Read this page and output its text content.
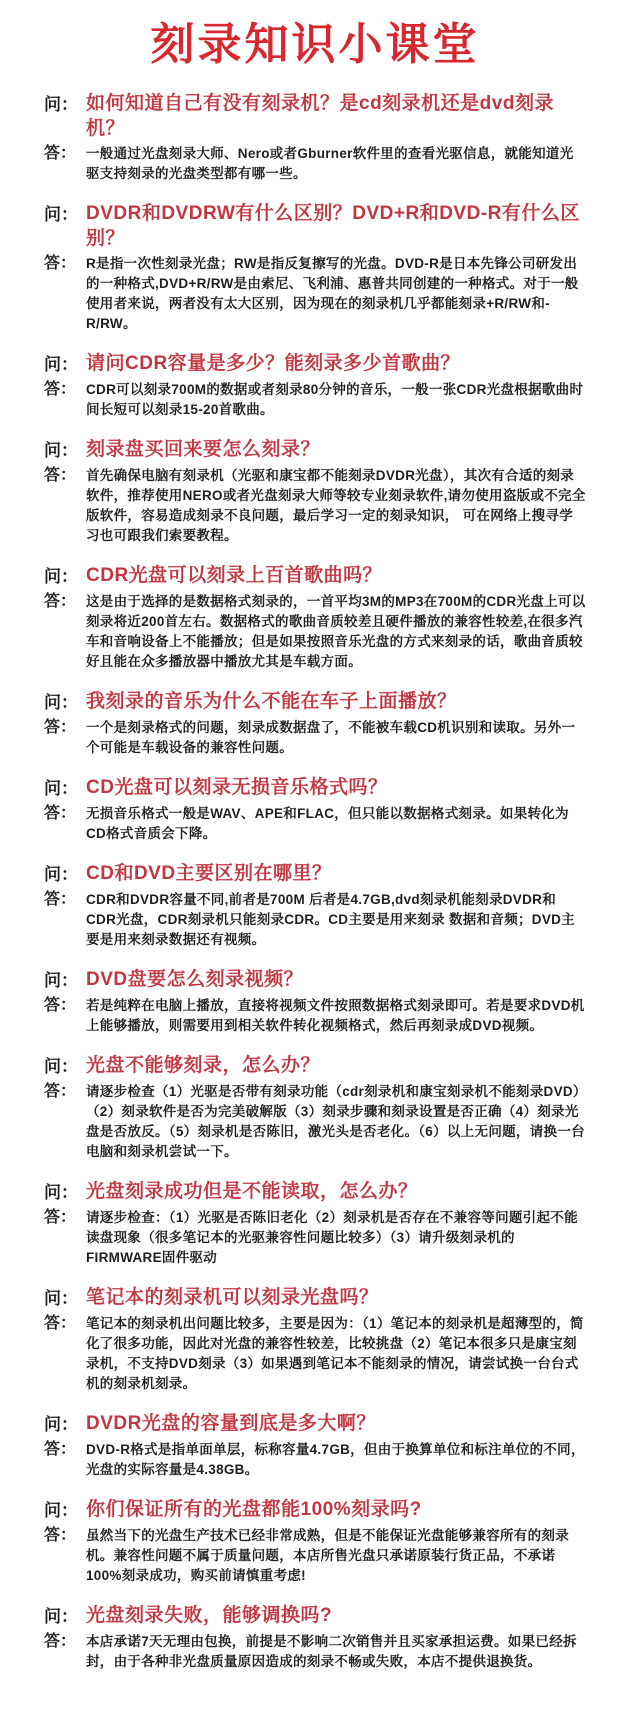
刻录知识小课堂
问： 如何知道自己有没有刻录机？是cd刻录机还是dvd刻录机？
答： 一般通过光盘刻录大师、Nero或者Gburner软件里的查看光驱信息，就能知道光驱支持刻录的光盘类型都有哪一些。

问： DVDR和DVDRW有什么区别？DVD+R和DVD-R有什么区别？
答： R是指一次性刻录光盘；RW是指反复擦写的光盘。DVD-R是日本先锋公司研发出的一种格式,DVD+R/RW是由索尼、飞利浦、惠普共同创建的一种格式。对于一般使用者来说，两者没有太大区别，因为现在的刻录机几乎都能刻录+R/RW和-R/RW。

问： 请问CDR容量是多少？能刻录多少首歌曲？
答： CDR可以刻录700M的数据或者刻录80分钟的音乐，一般一张CDR光盘根据歌曲时间长短可以刻录15-20首歌曲。

问： 刻录盘买回来要怎么刻录？
答： 首先确保电脑有刻录机（光驱和康宝都不能刻录DVDR光盘），其次有合适的刻录软件，推荐使用NERO或者光盘刻录大师等较专业刻录软件,请勿使用盗版或不完全版软件，容易造成刻录不良问题，最后学习一定的刻录知识， 可在网络上搜寻学习也可跟我们索要教程。

问： CDR光盘可以刻录上百首歌曲吗？
答： 这是由于选择的是数据格式刻录的，一首平均3M的MP3在700M的CDR光盘上可以刻录将近200首左右。数据格式的歌曲音质较差且硬件播放的兼容性较差,在很多汽车和音响设备上不能播放；但是如果按照音乐光盘的方式来刻录的话，歌曲音质较好且能在众多播放器中播放尤其是车载方面。

问： 我刻录的音乐为什么不能在车子上面播放？
答： 一个是刻录格式的问题，刻录成数据盘了，不能被车载CD机识别和读取。另外一个可能是车载设备的兼容性问题。

问： CD光盘可以刻录无损音乐格式吗？
答： 无损音乐格式一般是WAV、APE和FLAC，但只能以数据格式刻录。如果转化为CD格式音质会下降。

问： CD和DVD主要区别在哪里？
答： CDR和DVDR容量不同,前者是700M 后者是4.7GB,dvd刻录机能刻录DVDR和CDR光盘，CDR刻录机只能刻录CDR。CD主要是用来刻录 数据和音频；DVD主要是用来刻录数据还有视频。

问： DVD盘要怎么刻录视频？
答： 若是纯粹在电脑上播放，直接将视频文件按照数据格式刻录即可。若是要求DVD机上能够播放，则需要用到相关软件转化视频格式，然后再刻录成DVD视频。

问： 光盘不能够刻录，怎么办？
答： 请逐步检查（1）光驱是否带有刻录功能（cdr刻录机和康宝刻录机不能刻录DVD）（2）刻录软件是否为完美破解版（3）刻录步骤和刻录设置是否正确（4）刻录光盘是否放反。（5）刻录机是否陈旧，激光头是否老化。（6）以上无问题，请换一台电脑和刻录机尝试一下。

问： 光盘刻录成功但是不能读取，怎么办？
答： 请逐步检查：（1）光驱是否陈旧老化（2）刻录机是否存在不兼容等问题引起不能读盘现象（很多笔记本的光驱兼容性问题比较多）（3）请升级刻录机的FIRMWARE固件驱动

问： 笔记本的刻录机可以刻录光盘吗？
答： 笔记本的刻录机出问题比较多，主要是因为：（1）笔记本的刻录机是超薄型的，简化了很多功能，因此对光盘的兼容性较差，比较挑盘（2）笔记本很多只是康宝刻录机，不支持DVD刻录（3）如果遇到笔记本不能刻录的情况，请尝试换一台台式机的刻录机刻录。

问： DVDR光盘的容量到底是多大啊？
答： DVD-R格式是指单面单层，标称容量4.7GB，但由于换算单位和标注单位的不同，光盘的实际容量是4.38GB。

问： 你们保证所有的光盘都能100%刻录吗?
答： 虽然当下的光盘生产技术已经非常成熟，但是不能保证光盘能够兼容所有的刻录机。兼容性问题不属于质量问题，本店所售光盘只承诺原装行货正品，不承诺100%刻录成功，购买前请慎重考虑!

问： 光盘刻录失败，能够调换吗?
答： 本店承诺7天无理由包换，前提是不影响二次销售并且买家承担运费。如果已经拆封，由于各种非光盘质量原因造成的刻录不畅或失败，本店不提供退换货。
